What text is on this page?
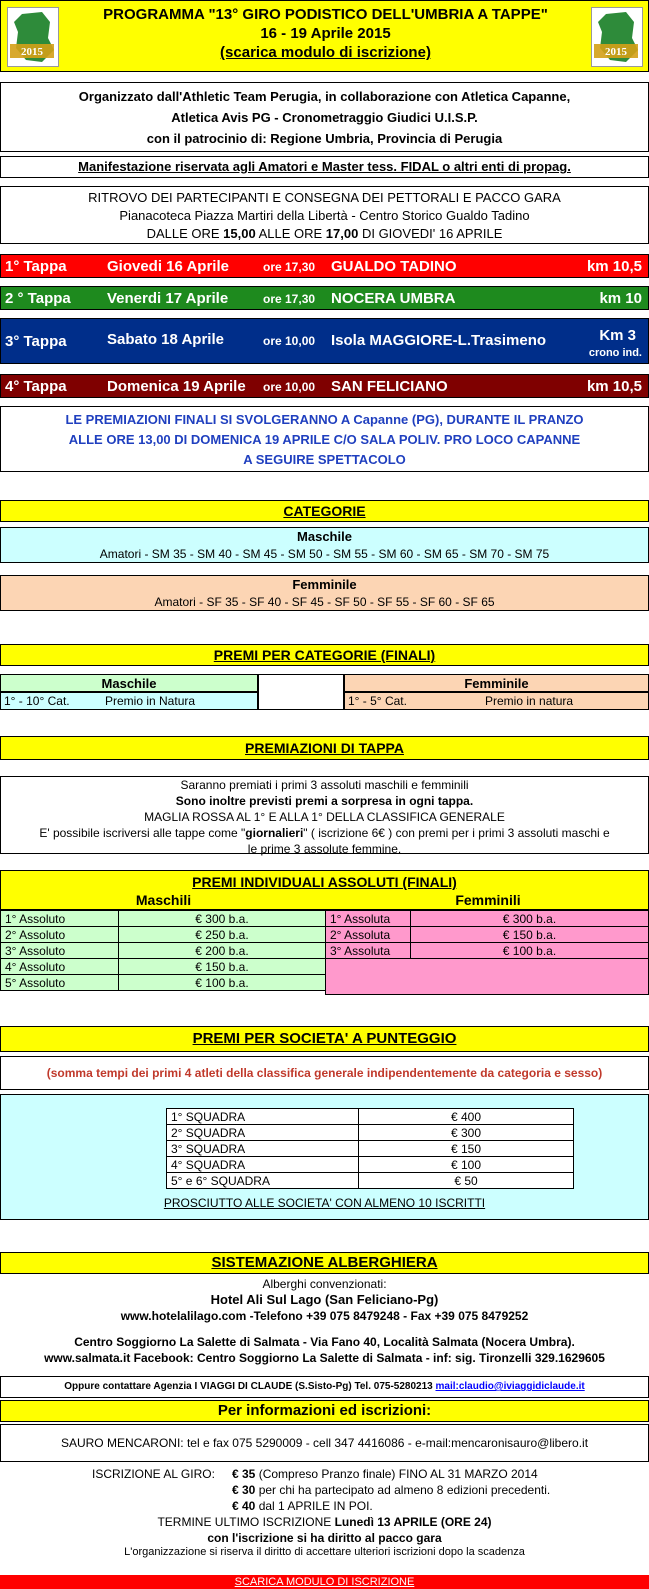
2015	2015
PROGRAMMA "13° GIRO PODISTICO DELL'UMBRIA A TAPPE"
16 - 19 Aprile 2015
(scarica modulo di iscrizione)
Organizzato dall'Athletic Team Perugia, in collaborazione con Atletica Capanne,
Atletica Avis PG - Cronometraggio Giudici U.I.S.P.
con il patrocinio di: Regione Umbria, Provincia di Perugia
Manifestazione riservata agli Amatori e Master tess. FIDAL o altri enti di propag.
RITROVO DEI PARTECIPANTI E CONSEGNA DEI PETTORALI E PACCO GARA
Pianacoteca Piazza Martiri della Libertà - Centro Storico Gualdo Tadino
DALLE ORE 15,00 ALLE ORE 17,00 DI GIOVEDI' 16 APRILE
1° Tappa	Giovedi 16 Aprile	ore 17,30 GUALDO TADINO	km 10,5
2 ° Tappa Venerdi 17 Aprile	ore 17,30 NOCERA UMBRA	km 10
3° Tappa	Sabato 18 Aprile	ore 10,00 Isola MAGGIORE-L.Trasimeno	Km 3
crono ind.
4° Tappa	Domenica 19 Aprile ore 10,00 SAN FELICIANO	km 10,5
LE PREMIAZIONI FINALI SI SVOLGERANNO A Capanne (PG), DURANTE IL PRANZO
ALLE ORE 13,00 DI DOMENICA 19 APRILE C/O SALA POLIV. PRO LOCO CAPANNE
A SEGUIRE SPETTACOLO
CATEGORIE
Maschile
Amatori - SM 35 - SM 40 - SM 45 - SM 50 - SM 55 - SM 60 - SM 65 - SM 70 - SM 75
Femminile
Amatori - SF 35 - SF 40 - SF 45 - SF 50 - SF 55 - SF 60 - SF 65
PREMI PER CATEGORIE (FINALI)
Maschile
1° - 10° Cat.	Premio in Natura
Femminile
1° - 5° Cat.	Premio in natura
PREMIAZIONI DI TAPPA
Saranno premiati i primi 3 assoluti maschili e femminili
Sono inoltre previsti premi a sorpresa in ogni tappa.
MAGLIA ROSSA AL 1° E ALLA 1° DELLA CLASSIFICA GENERALE
E' possibile iscriversi alle tappe come "giornalieri" ( iscrizione 6€ ) con premi per i primi 3 assoluti maschi e
le prime 3 assolute femmine.
PREMI INDIVIDUALI ASSOLUTI (FINALI)
Maschili	Femminili
1° Assoluto	€ 300 b.a.
2° Assoluto	€ 250 b.a.
3° Assoluto	€ 200 b.a.
4° Assoluto	€ 150 b.a.
5° Assoluto	€ 100 b.a.
1° Assoluta	€ 300 b.a.
2° Assoluta	€ 150 b.a.
3° Assoluta	€ 100 b.a.
PREMI PER SOCIETA' A PUNTEGGIO
(somma tempi dei primi 4 atleti della classifica generale indipendentemente da categoria e sesso)
1° SQUADRA	€ 400
2° SQUADRA	€ 300
3° SQUADRA	€ 150
4° SQUADRA	€ 100
5° e 6° SQUADRA	€ 50
PROSCIUTTO ALLE SOCIETA' CON ALMENO 10 ISCRITTI
SISTEMAZIONE ALBERGHIERA
Alberghi convenzionati:
Hotel Ali Sul Lago (San Feliciano-Pg)
www.hotelalilago.com -Telefono +39 075 8479248 - Fax +39 075 8479252
Centro Soggiorno La Salette di Salmata - Via Fano 40, Località Salmata (Nocera Umbra).
www.salmata.it Facebook: Centro Soggiorno La Salette di Salmata - inf: sig. Tironzelli 329.1629605
Oppure contattare Agenzia I VIAGGI DI CLAUDE (S.Sisto-Pg) Tel. 075-5280213 mail:claudio@iviaggidiclaude.it
Per informazioni ed iscrizioni:
SAURO MENCARONI: tel e fax 075 5290009 - cell 347 4416086 - e-mail:mencaronisauro@libero.it
ISCRIZIONE AL GIRO: € 35 (Compreso Pranzo finale) FINO AL 31 MARZO 2014
€ 30 per chi ha partecipato ad almeno 8 edizioni precedenti.
€ 40 dal 1 APRILE IN POI.
TERMINE ULTIMO ISCRIZIONE Lunedì 13 APRILE (ORE 24)
con l'iscrizione si ha diritto al pacco gara
L'organizzazione si riserva il diritto di accettare ulteriori iscrizioni dopo la scadenza
SCARICA MODULO DI ISCRIZIONE
